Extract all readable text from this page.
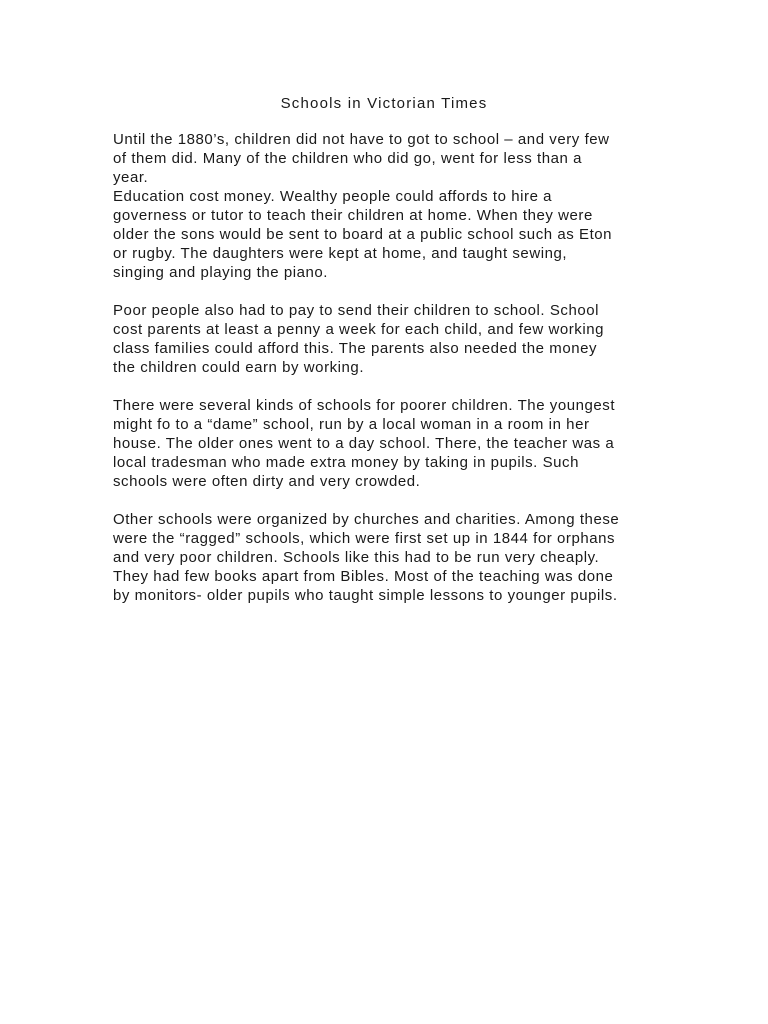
Schools in Victorian Times

Until the 1880’s, children did not have to got to school – and very few
of them did. Many of the children who did go, went for less than a
year.

Education cost money. Wealthy people could affords to hire a
governess or tutor to teach their children at home. When they were
older the sons would be sent to board at a public school such as Eton
or rugby. The daughters were kept at home, and taught sewing,
singing and playing the piano.

Poor people also had to pay to send their children to school. School
cost parents at least a penny a week for each child, and few working
class families could afford this. The parents also needed the money
the children could earn by working.

There were several kinds of schools for poorer children. The youngest
might fo to a “dame” school, run by a local woman in a room in her
house. The older ones went to a day school. There, the teacher was a
local tradesman who made extra money by taking in pupils. Such
schools were often dirty and very crowded.

Other schools were organized by churches and charities. Among these
were the “ragged” schools, which were first set up in 1844 for orphans
and very poor children. Schools like this had to be run very cheaply.
They had few books apart from Bibles. Most of the teaching was done
by monitors- older pupils who taught simple lessons to younger pupils.
